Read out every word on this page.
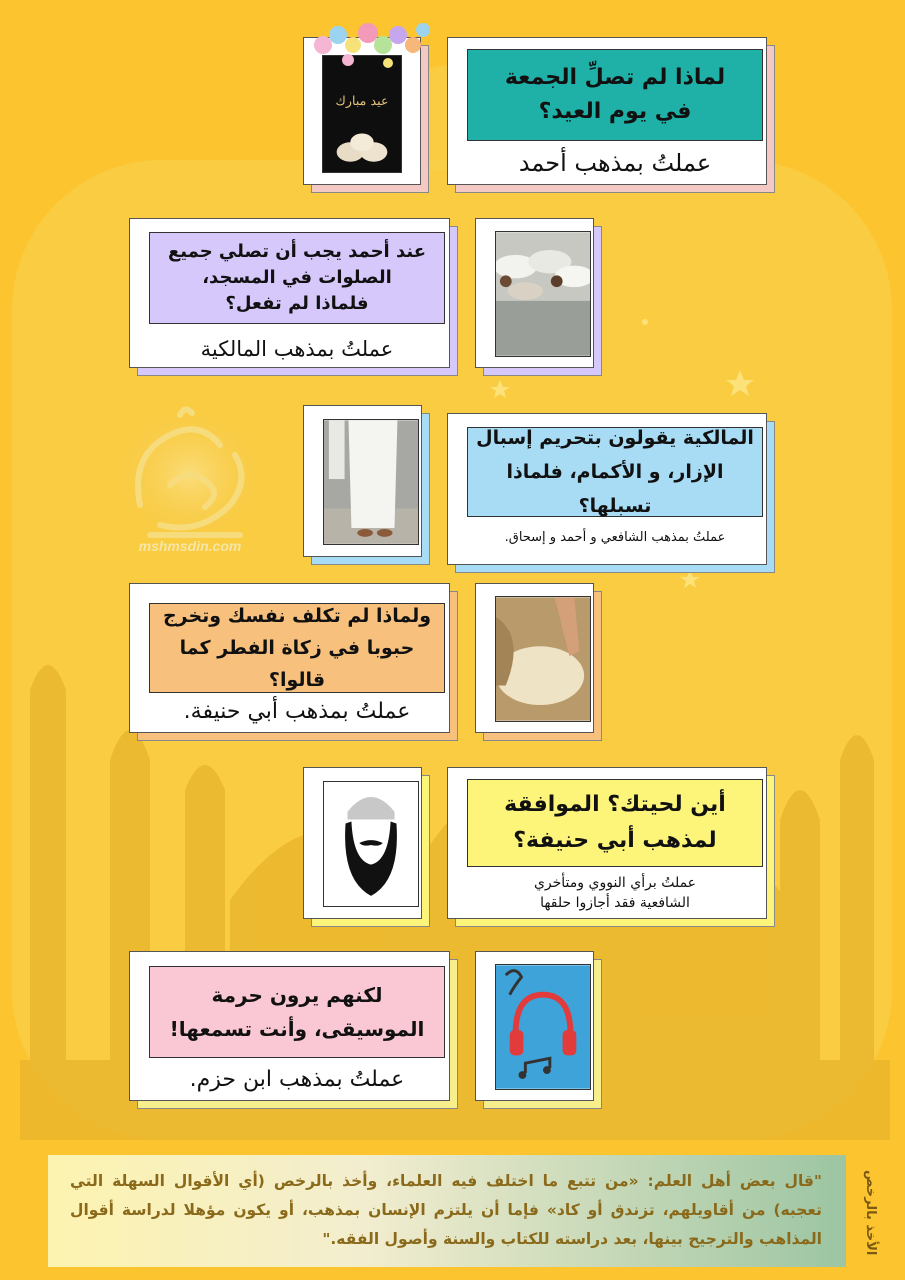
mshmsdin.com
عيد مبارك
لماذا لم تصلِّ الجمعة
في يوم العيد؟
عملتُ بمذهب أحمد
عند أحمد يجب أن تصلي جميع
الصلوات في المسجد،
فلماذا لم تفعل؟
عملتُ بمذهب المالكية
المالكية يقولون بتحريم إسبال
الإزار، و الأكمام، فلماذا تسبلها؟
عملتُ بمذهب الشافعي و أحمد و إسحاق.
ولماذا لم تكلف نفسك وتخرج
حبوبا في زكاة الفطر كما قالوا؟
عملتُ بمذهب أبي حنيفة.
أين لحيتك؟ الموافقة
لمذهب أبي حنيفة؟
عملتُ برأي النووي ومتأخري
الشافعية فقد أجازوا حلقها
لكنهم يرون حرمة
الموسيقى، وأنت تسمعها!
عملتُ بمذهب ابن حزم.
"قال بعض أهل العلم: «من تتبع ما اختلف فيه العلماء، وأخذ بالرخص (أي الأقوال السهلة التي تعجبه) من أقاويلهم، تزندق أو كاد» فإما أن يلتزم الإنسان بمذهب، أو يكون مؤهلا لدراسة أقوال المذاهب والترجيح بينها، بعد دراسته للكتاب والسنة وأصول الفقه."	الأخذ بالرخص
